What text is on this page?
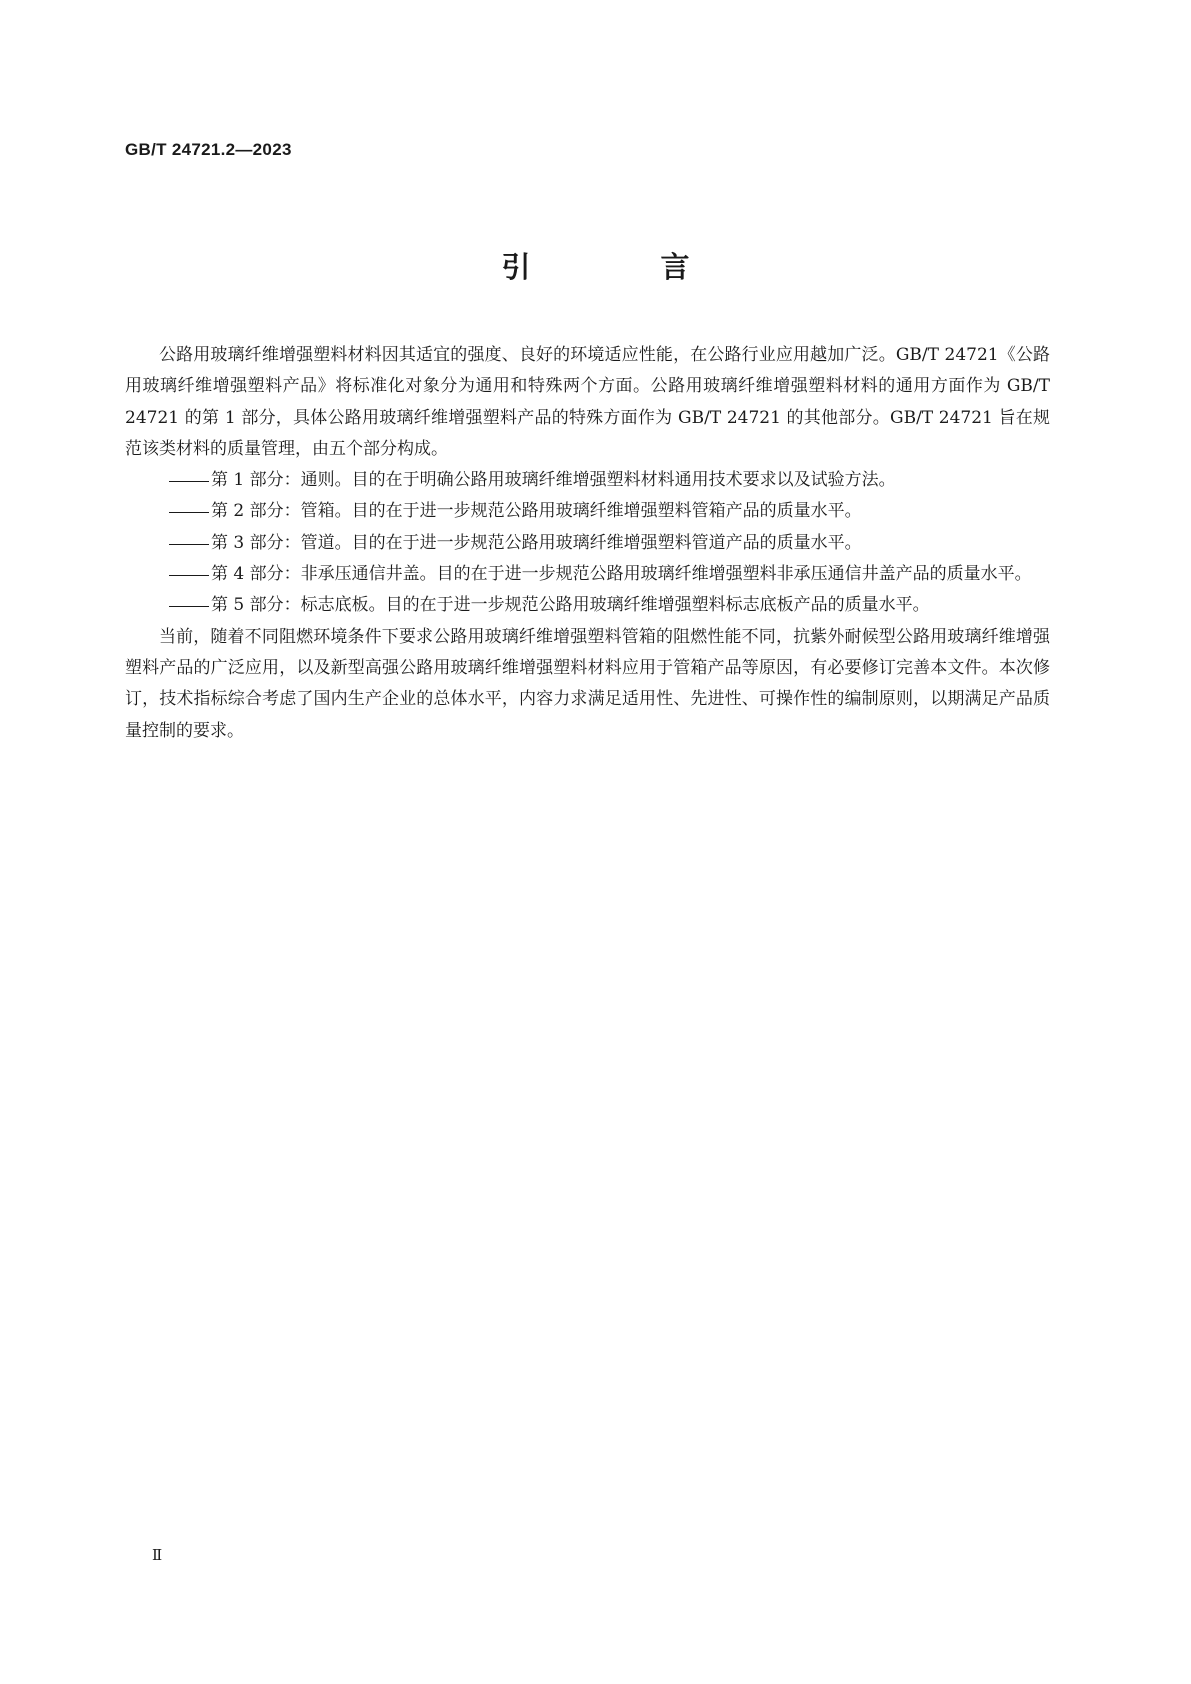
GB/T 24721.2—2023
引 言

公路用玻璃纤维增强塑料材料因其适宜的强度、良好的环境适应性能，在公路行业应用越加广泛。GB/T 24721《公路用玻璃纤维增强塑料产品》将标准化对象分为通用和特殊两个方面。公路用玻璃纤维增强塑料材料的通用方面作为 GB/T 24721 的第 1 部分，具体公路用玻璃纤维增强塑料产品的特殊方面作为 GB/T 24721 的其他部分。GB/T 24721 旨在规范该类材料的质量管理，由五个部分构成。

第 1 部分：通则。目的在于明确公路用玻璃纤维增强塑料材料通用技术要求以及试验方法。
第 2 部分：管箱。目的在于进一步规范公路用玻璃纤维增强塑料管箱产品的质量水平。
第 3 部分：管道。目的在于进一步规范公路用玻璃纤维增强塑料管道产品的质量水平。
第 4 部分：非承压通信井盖。目的在于进一步规范公路用玻璃纤维增强塑料非承压通信井盖产品的质量水平。
第 5 部分：标志底板。目的在于进一步规范公路用玻璃纤维增强塑料标志底板产品的质量水平。

当前，随着不同阻燃环境条件下要求公路用玻璃纤维增强塑料管箱的阻燃性能不同，抗紫外耐候型公路用玻璃纤维增强塑料产品的广泛应用，以及新型高强公路用玻璃纤维增强塑料材料应用于管箱产品等原因，有必要修订完善本文件。本次修订，技术指标综合考虑了国内生产企业的总体水平，内容力求满足适用性、先进性、可操作性的编制原则，以期满足产品质量控制的要求。

Ⅱ
